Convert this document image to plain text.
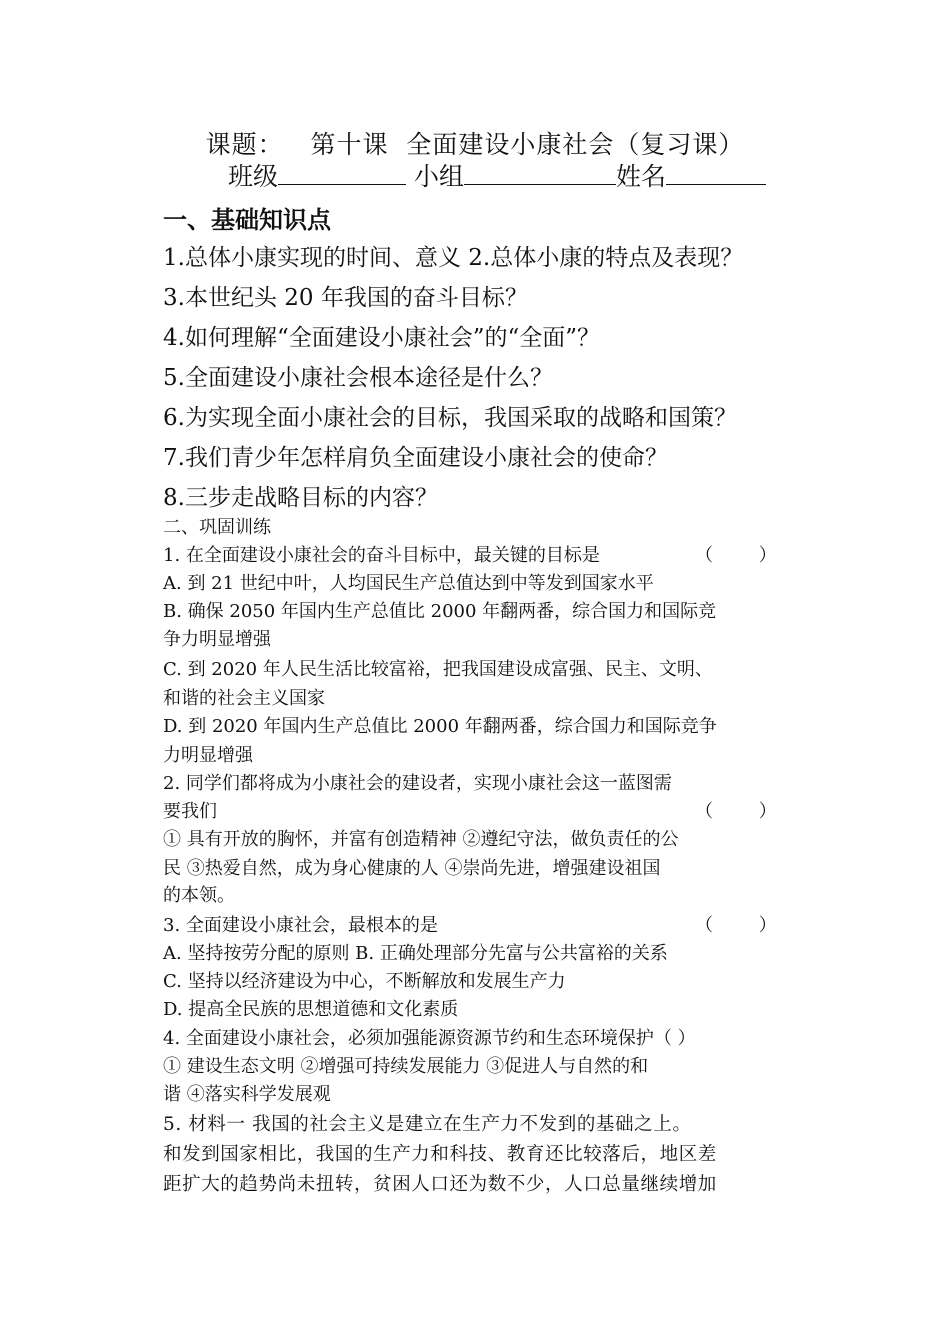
课题：   第十课  全面建设小康社会（复习课）
班级	小组	姓名
一、基础知识点
1.总体小康实现的时间、意义 2.总体小康的特点及表现？
3.本世纪头 20 年我国的奋斗目标？
4.如何理解“全面建设小康社会”的“全面”？
5.全面建设小康社会根本途径是什么？
6.为实现全面小康社会的目标，我国采取的战略和国策？
7.我们青少年怎样肩负全面建设小康社会的使命？
8.三步走战略目标的内容？
二、巩固训练
1. 在全面建设小康社会的奋斗目标中，最关键的目标是	（        ）
A. 到 21 世纪中叶，人均国民生产总值达到中等发到国家水平
B. 确保 2050 年国内生产总值比 2000 年翻两番，综合国力和国际竞
争力明显增强
C. 到 2020 年人民生活比较富裕，把我国建设成富强、民主、文明、
和谐的社会主义国家
D. 到 2020 年国内生产总值比 2000 年翻两番，综合国力和国际竞争
力明显增强
2. 同学们都将成为小康社会的建设者，实现小康社会这一蓝图需
要我们	（        ）
① 具有开放的胸怀，并富有创造精神 ②遵纪守法，做负责任的公
民 ③热爱自然，成为身心健康的人 ④崇尚先进，增强建设祖国
的本领。
3. 全面建设小康社会，最根本的是	（        ）
A. 坚持按劳分配的原则 B. 正确处理部分先富与公共富裕的关系
C. 坚持以经济建设为中心，不断解放和发展生产力
D. 提高全民族的思想道德和文化素质
4. 全面建设小康社会，必须加强能源资源节约和生态环境保护（ ）
① 建设生态文明 ②增强可持续发展能力 ③促进人与自然的和
谐 ④落实科学发展观
5. 材料一 我国的社会主义是建立在生产力不发到的基础之上。
和发到国家相比，我国的生产力和科技、教育还比较落后，地区差
距扩大的趋势尚未扭转，贫困人口还为数不少，人口总量继续增加
